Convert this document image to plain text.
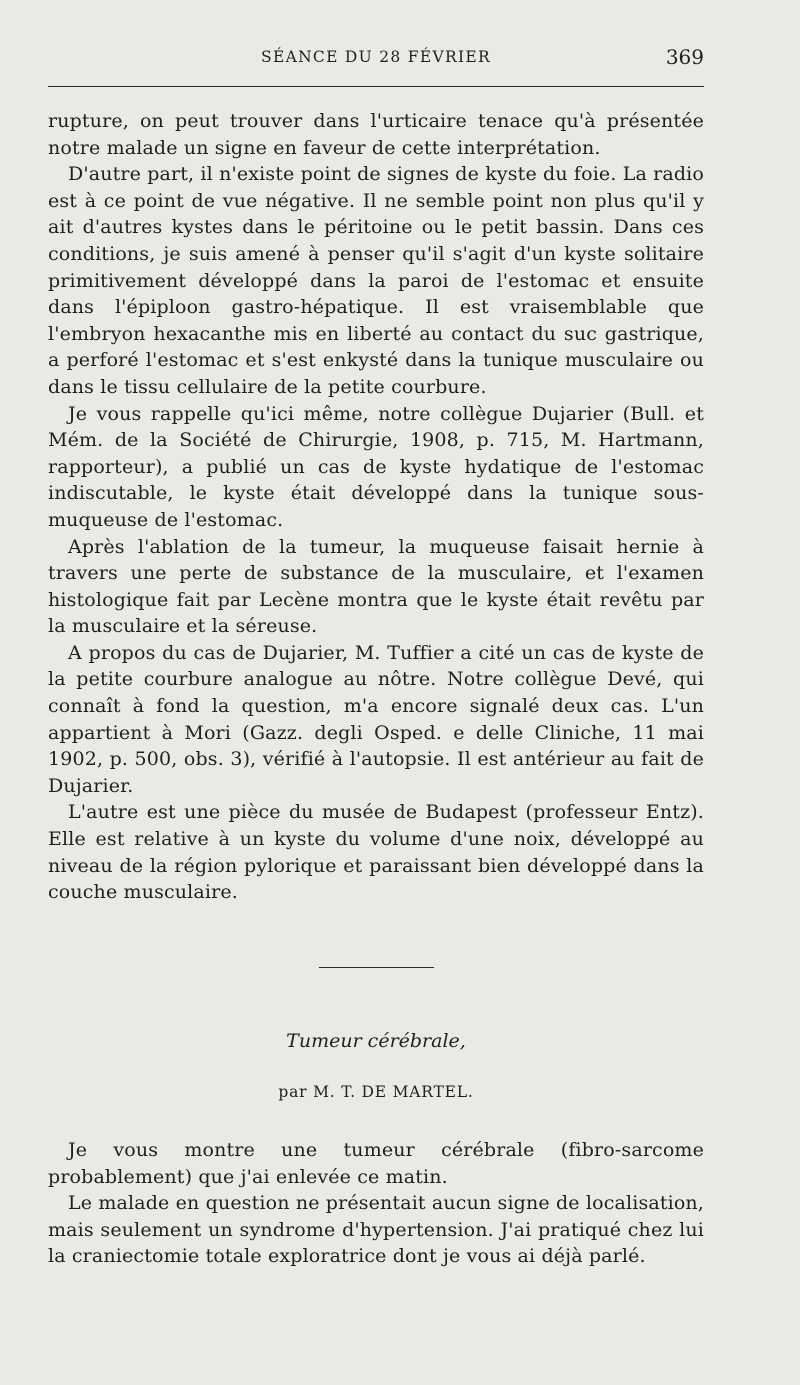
SÉANCE DU 28 FÉVRIER	369

rupture, on peut trouver dans l'urticaire tenace qu'à présentée notre malade un signe en faveur de cette interprétation.

D'autre part, il n'existe point de signes de kyste du foie. La radio est à ce point de vue négative. Il ne semble point non plus qu'il y ait d'autres kystes dans le péritoine ou le petit bassin. Dans ces conditions, je suis amené à penser qu'il s'agit d'un kyste solitaire primitivement développé dans la paroi de l'estomac et ensuite dans l'épiploon gastro-hépatique. Il est vraisemblable que l'embryon hexacanthe mis en liberté au contact du suc gastrique, a perforé l'estomac et s'est enkysté dans la tunique musculaire ou dans le tissu cellulaire de la petite courbure.

Je vous rappelle qu'ici même, notre collègue Dujarier (Bull. et Mém. de la Société de Chirurgie, 1908, p. 715, M. Hartmann, rapporteur), a publié un cas de kyste hydatique de l'estomac indiscutable, le kyste était développé dans la tunique sous-muqueuse de l'estomac.

Après l'ablation de la tumeur, la muqueuse faisait hernie à travers une perte de substance de la musculaire, et l'examen histologique fait par Lecène montra que le kyste était revêtu par la musculaire et la séreuse.

A propos du cas de Dujarier, M. Tuffier a cité un cas de kyste de la petite courbure analogue au nôtre. Notre collègue Devé, qui connaît à fond la question, m'a encore signalé deux cas. L'un appartient à Mori (Gazz. degli Osped. e delle Cliniche, 11 mai 1902, p. 500, obs. 3), vérifié à l'autopsie. Il est antérieur au fait de Dujarier.

L'autre est une pièce du musée de Budapest (professeur Entz). Elle est relative à un kyste du volume d'une noix, développé au niveau de la région pylorique et paraissant bien développé dans la couche musculaire.

Tumeur cérébrale,
par M. T. DE MARTEL.

Je vous montre une tumeur cérébrale (fibro-sarcome probablement) que j'ai enlevée ce matin.

Le malade en question ne présentait aucun signe de localisation, mais seulement un syndrome d'hypertension. J'ai pratiqué chez lui la craniectomie totale exploratrice dont je vous ai déjà parlé.
